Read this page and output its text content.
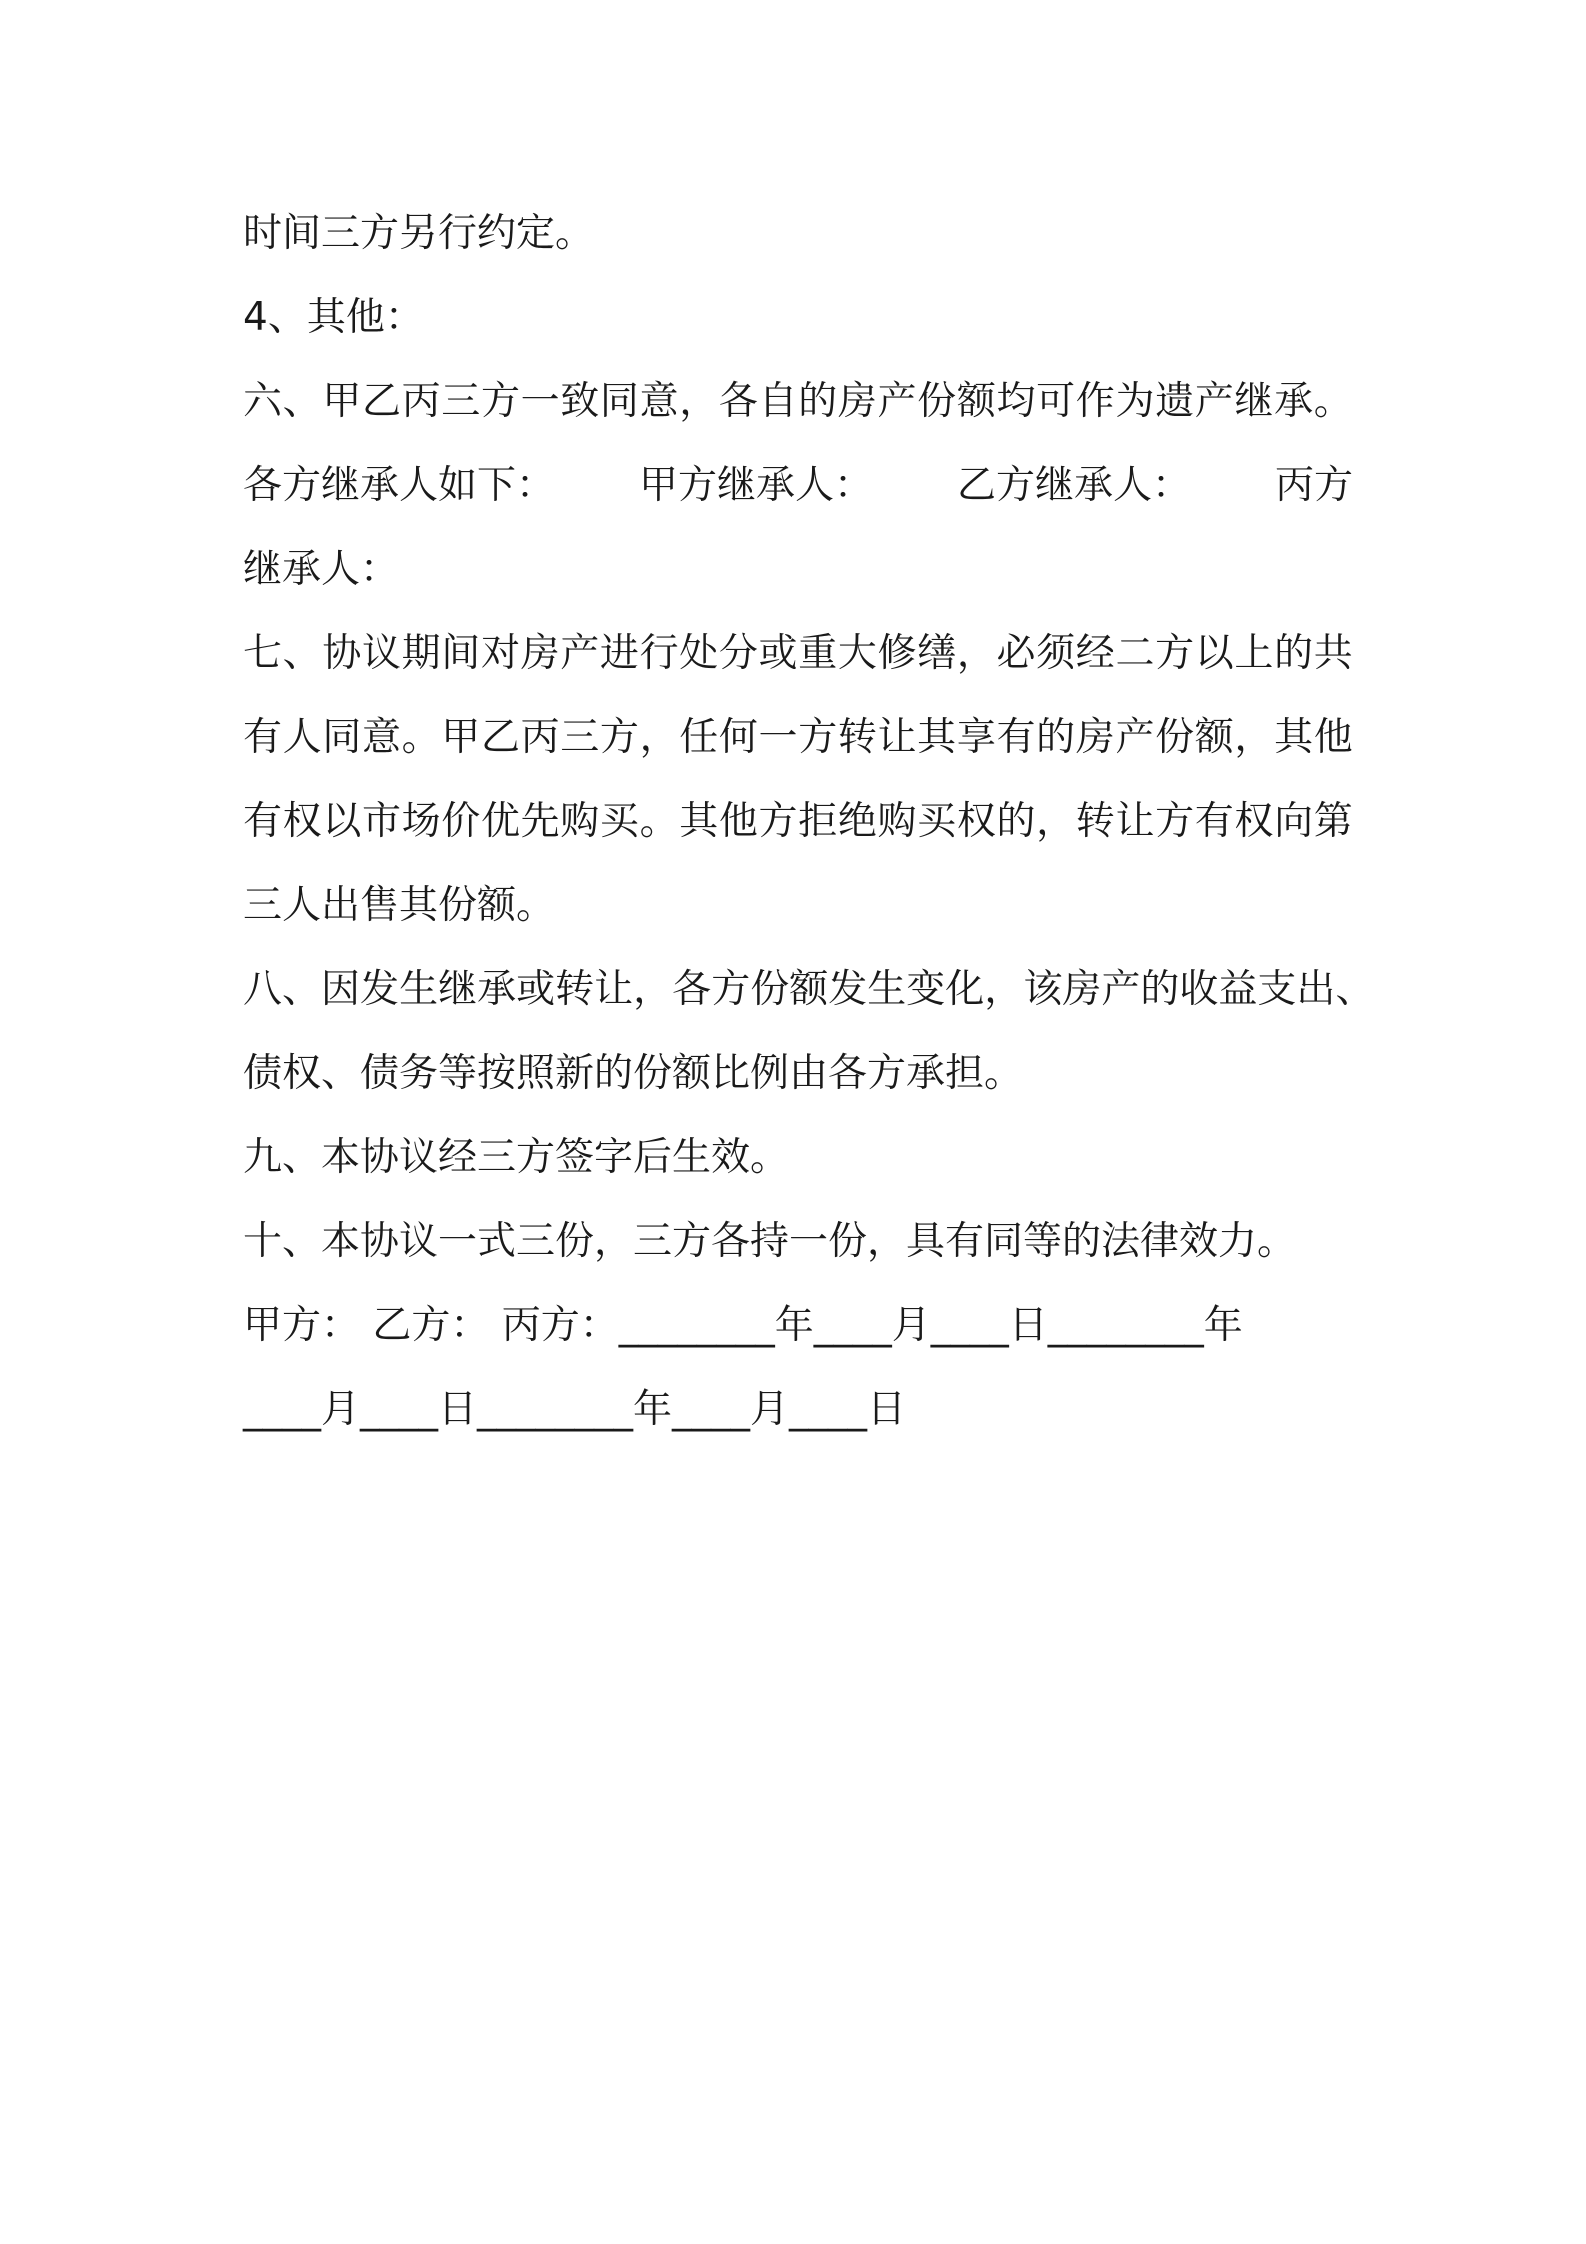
时间三方另行约定。
4、其他：
六 、 甲 乙 丙 三 方 一 致 同 意 ， 各 自 的 房 产 份 额 均 可 作 为 遗 产 继 承 。
各方继承人如下： 甲方继承人： 乙方继承人： 丙方
继承人：
七 、 协 议 期 间 对 房 产 进 行 处 分 或 重 大 修 缮 ， 必 须 经 二 方 以 上 的 共
有 人 同 意 。 甲 乙 丙 三 方 ， 任 何 一 方 转 让 其 享 有 的 房 产 份 额 ， 其 他
有 权 以 市 场 价 优 先 购 买 。 其 他 方 拒 绝 购 买 权 的 ， 转 让 方 有 权 向 第
三人出售其份额。
八 、 因 发 生 继 承 或 转 让 ， 各 方 份 额 发 生 变 化 ， 该 房 产 的 收 益 支 出 、
债权、债务等按照新的份额比例由各方承担。
九、本协议经三方签字后生效。
十、本协议一式三份，三方各持一份，具有同等的法律效力。
甲方： 乙方： 丙方：________年____月____日________年
____月____日________年____月____日
